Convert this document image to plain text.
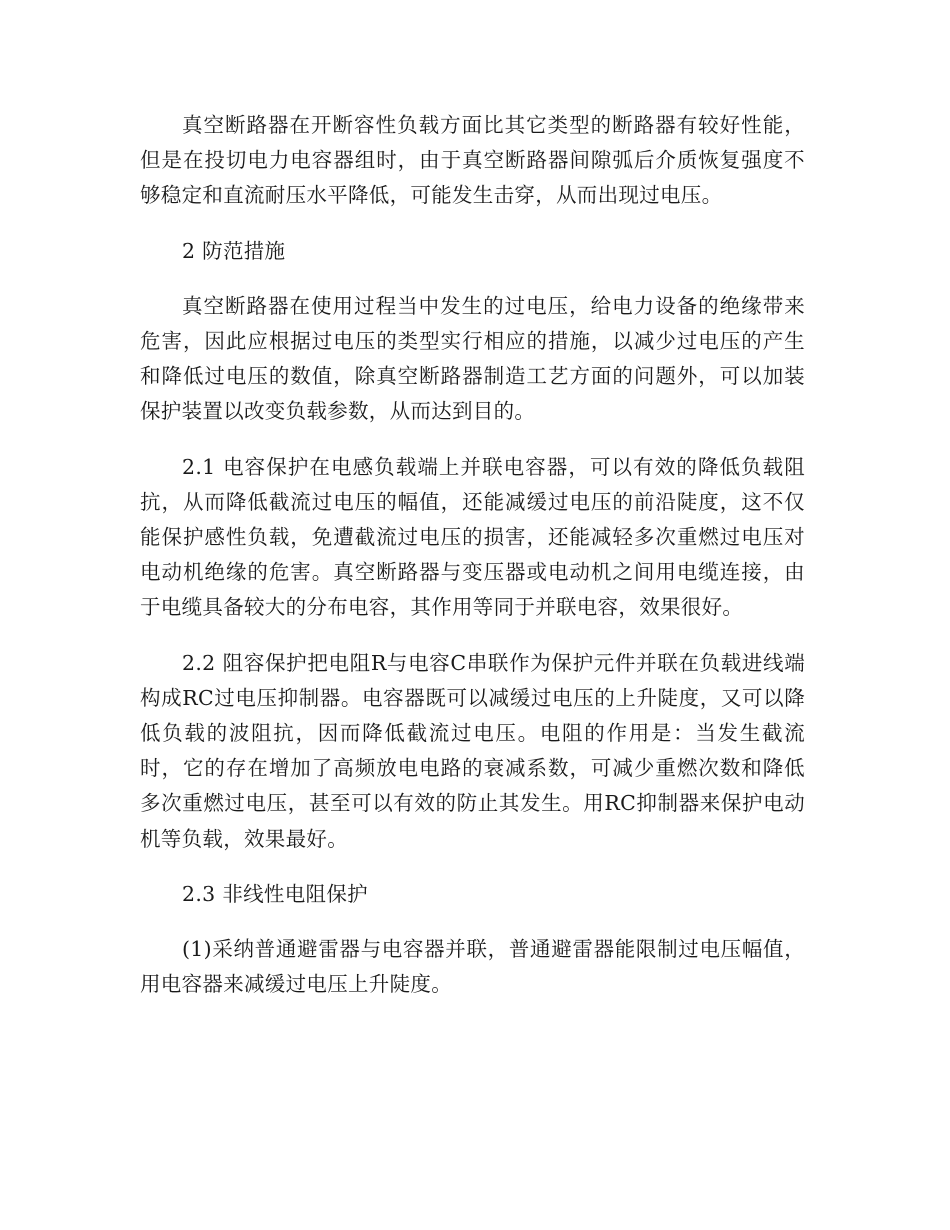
真空断路器在开断容性负载方面比其它类型的断路器有较好性能，但是在投切电力电容器组时，由于真空断路器间隙弧后介质恢复强度不够稳定和直流耐压水平降低，可能发生击穿，从而出现过电压。

2 防范措施

真空断路器在使用过程当中发生的过电压，给电力设备的绝缘带来危害，因此应根据过电压的类型实行相应的措施，以减少过电压的产生和降低过电压的数值，除真空断路器制造工艺方面的问题外，可以加装保护装置以改变负载参数，从而达到目的。

2.1 电容保护在电感负载端上并联电容器，可以有效的降低负载阻抗，从而降低截流过电压的幅值，还能减缓过电压的前沿陡度，这不仅能保护感性负载，免遭截流过电压的损害，还能减轻多次重燃过电压对电动机绝缘的危害。真空断路器与变压器或电动机之间用电缆连接，由于电缆具备较大的分布电容，其作用等同于并联电容，效果很好。

2.2 阻容保护把电阻R与电容C串联作为保护元件并联在负载进线端构成RC过电压抑制器。电容器既可以减缓过电压的上升陡度，又可以降低负载的波阻抗，因而降低截流过电压。电阻的作用是：当发生截流时，它的存在增加了高频放电电路的衰减系数，可减少重燃次数和降低多次重燃过电压，甚至可以有效的防止其发生。用RC抑制器来保护电动机等负载，效果最好。

2.3 非线性电阻保护

(1)采纳普通避雷器与电容器并联，普通避雷器能限制过电压幅值，用电容器来减缓过电压上升陡度。
